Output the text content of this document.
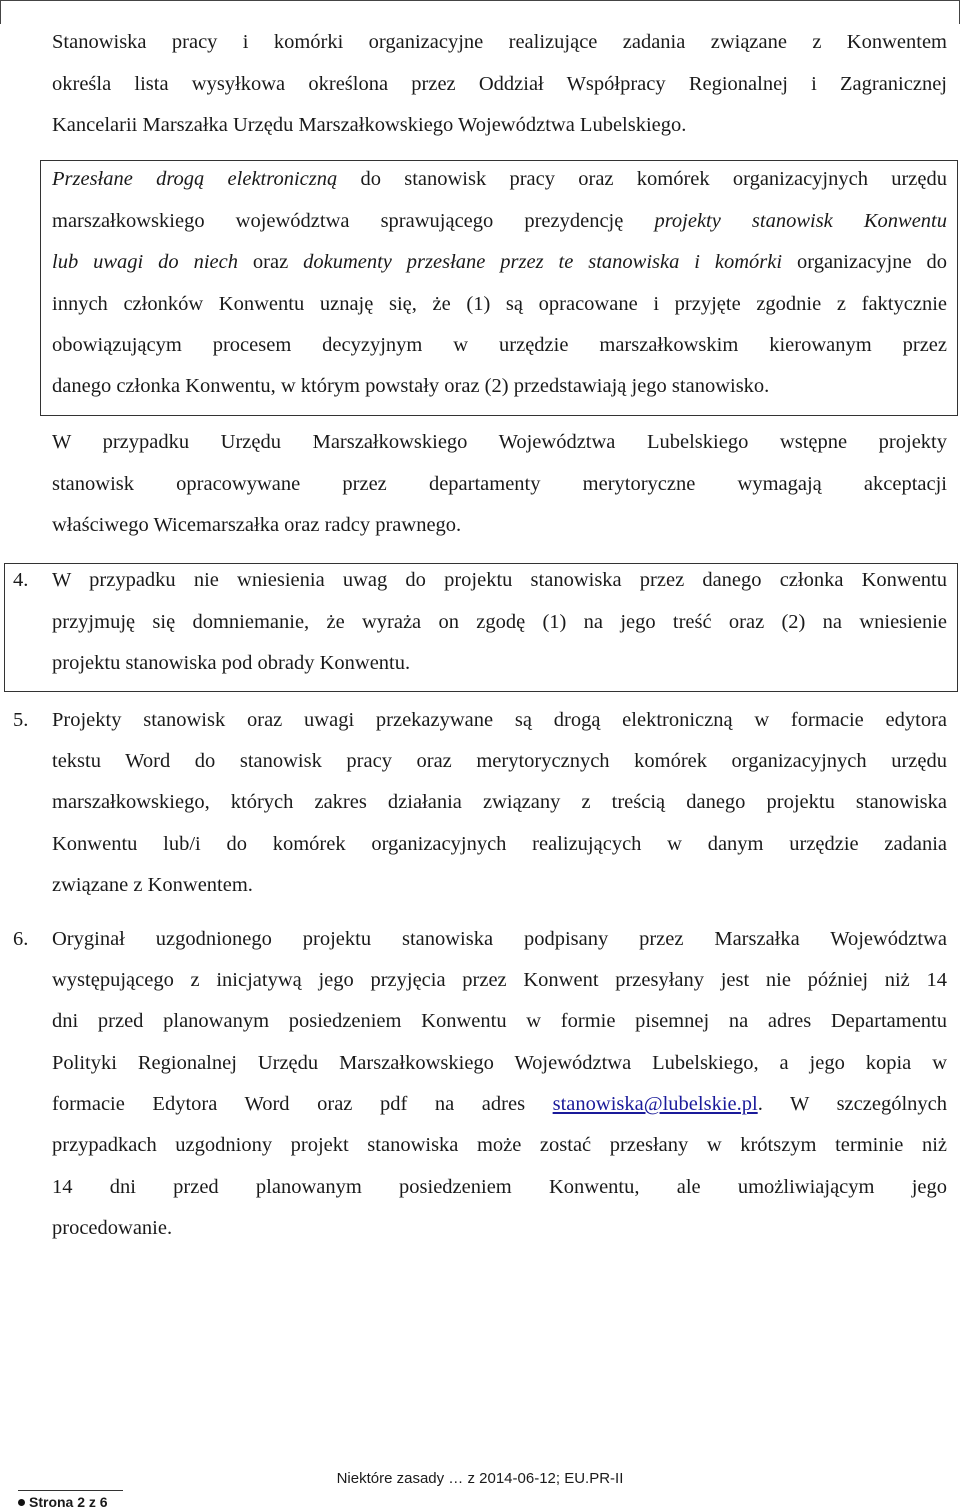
Stanowiska pracy i komórki organizacyjne realizujące zadania związane z Konwentem
określa lista wysyłkowa określona przez Oddział Współpracy Regionalnej i Zagranicznej
Kancelarii Marszałka Urzędu Marszałkowskiego Województwa Lubelskiego.
Przesłane drogą elektroniczną do stanowisk pracy oraz komórek organizacyjnych urzędu
marszałkowskiego województwa sprawującego prezydencję projekty stanowisk Konwentu
lub uwagi do niech oraz dokumenty przesłane przez te stanowiska i komórki organizacyjne do
innych członków Konwentu uznaję się, że (1) są opracowane i przyjęte zgodnie z faktycznie
obowiązującym procesem decyzyjnym w urzędzie marszałkowskim kierowanym przez
danego członka Konwentu, w którym powstały oraz (2) przedstawiają jego stanowisko.
W przypadku Urzędu Marszałkowskiego Województwa Lubelskiego wstępne projekty
stanowisk opracowywane przez departamenty merytoryczne wymagają akceptacji
właściwego Wicemarszałka oraz radcy prawnego.
4. W przypadku nie wniesienia uwag do projektu stanowiska przez danego członka Konwentu
przyjmuję się domniemanie, że wyraża on zgodę (1) na jego treść oraz (2) na wniesienie
projektu stanowiska pod obrady Konwentu.
5. Projekty stanowisk oraz uwagi przekazywane są drogą elektroniczną w formacie edytora
tekstu Word do stanowisk pracy oraz merytorycznych komórek organizacyjnych urzędu
marszałkowskiego, których zakres działania związany z treścią danego projektu stanowiska
Konwentu lub/i do komórek organizacyjnych realizujących w danym urzędzie zadania
związane z Konwentem.
6. Oryginał uzgodnionego projektu stanowiska podpisany przez Marszałka Województwa
występującego z inicjatywą jego przyjęcia przez Konwent przesyłany jest nie później niż 14
dni przed planowanym posiedzeniem Konwentu w formie pisemnej na adres Departamentu
Polityki Regionalnej Urzędu Marszałkowskiego Województwa Lubelskiego, a jego kopia w
formacie Edytora Word oraz pdf na adres stanowiska@lubelskie.pl. W szczególnych
przypadkach uzgodniony projekt stanowiska może zostać przesłany w krótszym terminie niż
14 dni przed planowanym posiedzeniem Konwentu, ale umożliwiającym jego
procedowanie.
Niektóre zasady … z 2014-06-12; EU.PR-II
Strona 2 z 6
